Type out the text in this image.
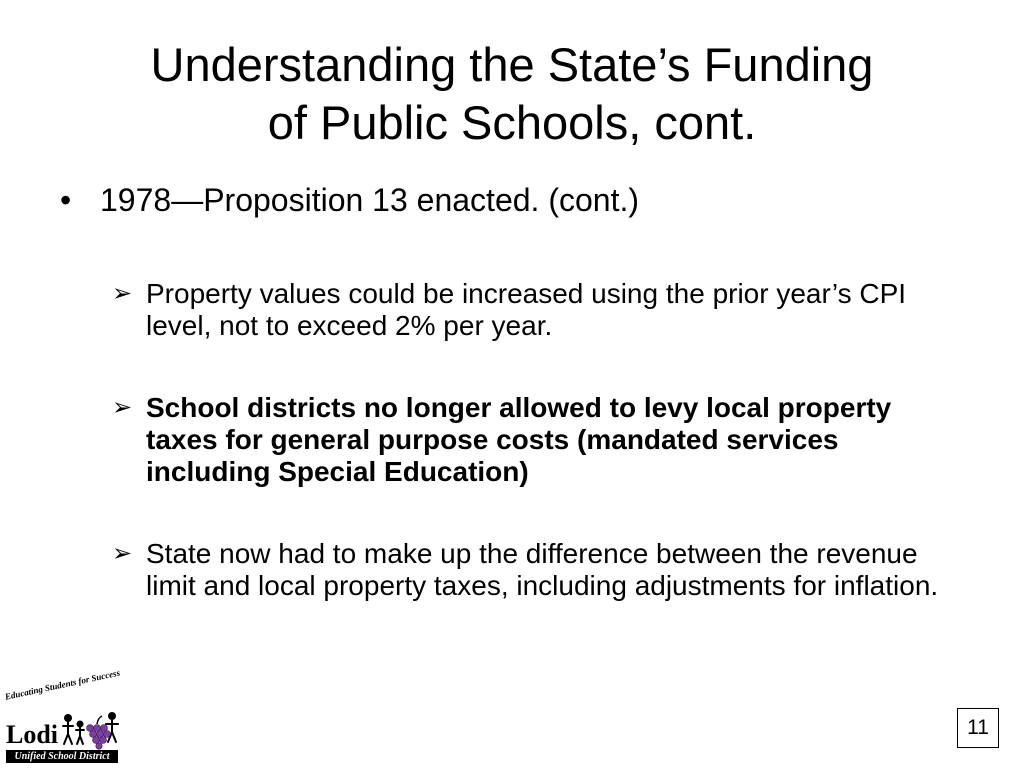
Understanding the State’s Funding
of Public Schools, cont.
• 1978—Proposition 13 enacted. (cont.)
➢ Property values could be increased using the prior year’s CPI level, not to exceed 2% per year.
➢ School districts no longer allowed to levy local property taxes for general purpose costs (mandated services including Special Education)
➢ State now had to make up the difference between the revenue limit and local property taxes, including adjustments for inflation.
Educating Students for Success
Lodi
Unified School District
11
